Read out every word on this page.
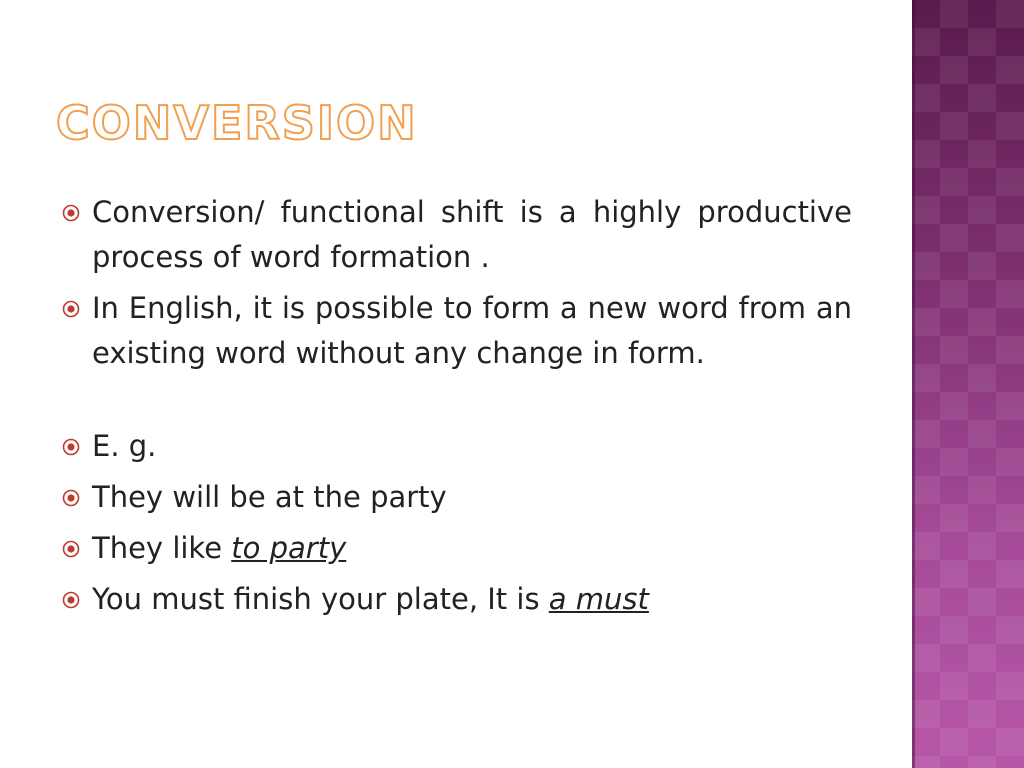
CONVERSION
Conversion/ functional shift is a highly productive process of word formation .
In English, it is possible to form a new word from an existing word without any change in form.
E. g.
They will be at the party
They like to party
You must finish your plate, It is a must
